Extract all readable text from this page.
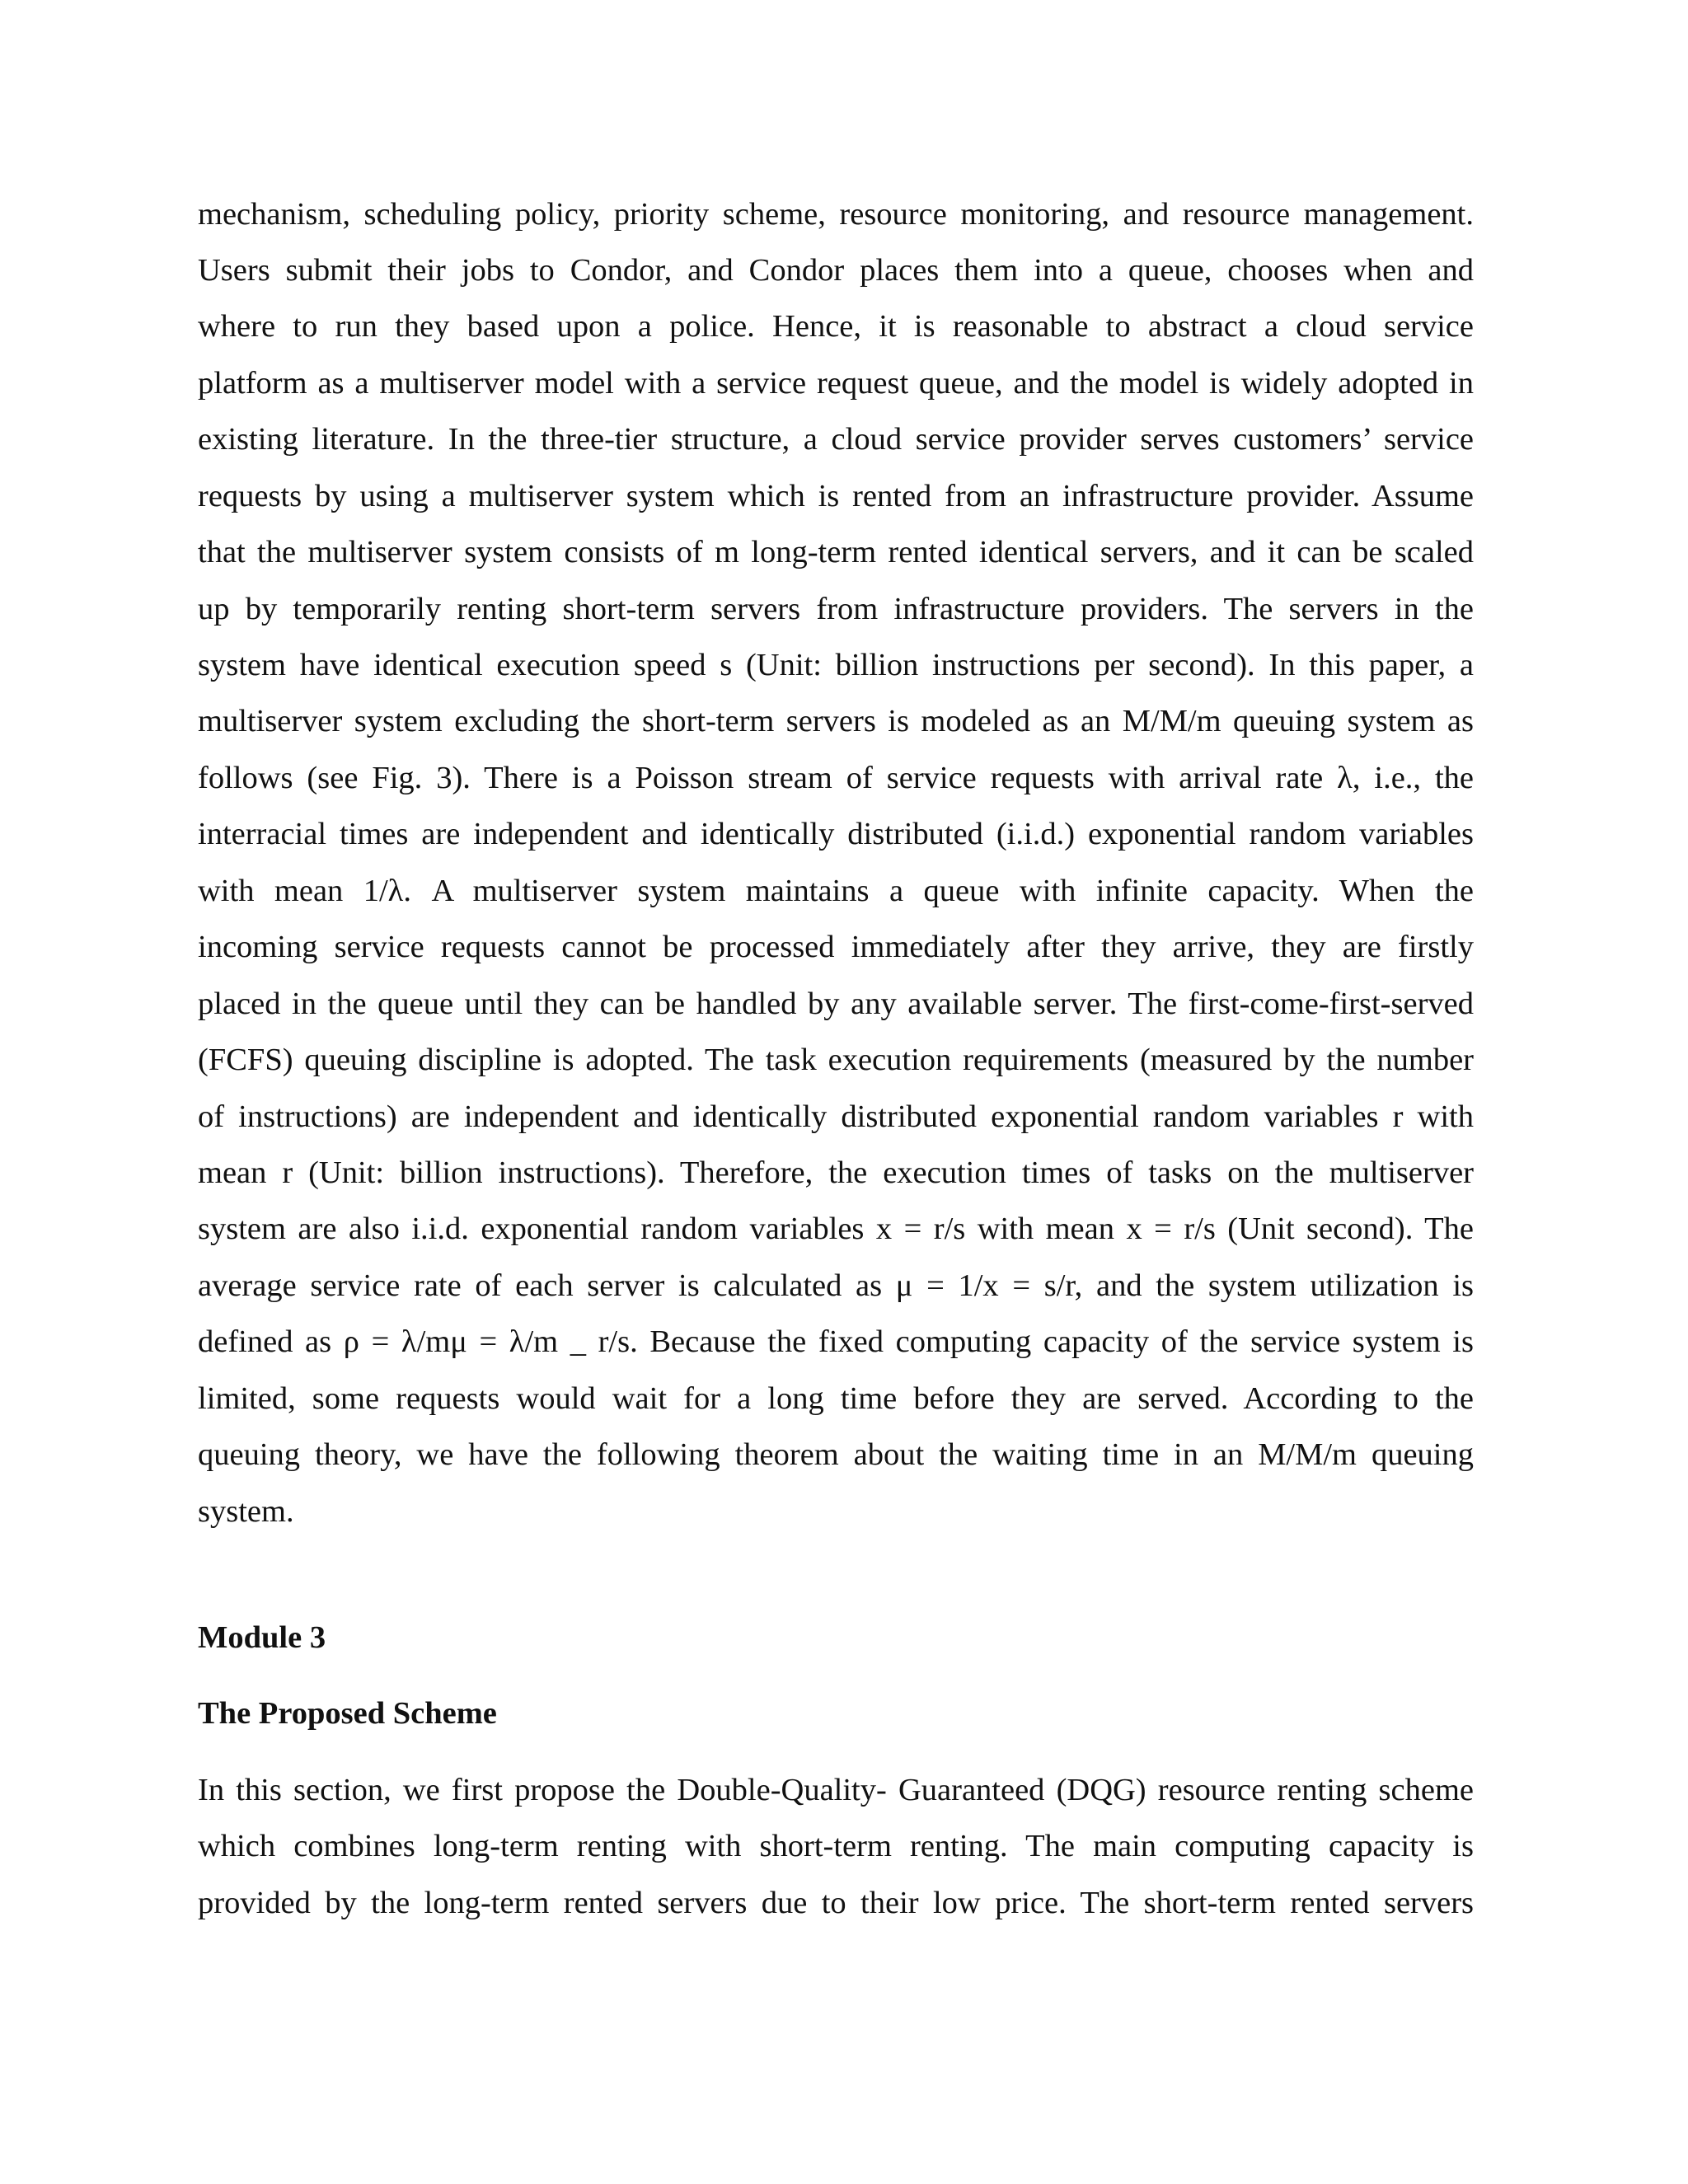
mechanism, scheduling policy, priority scheme, resource monitoring, and resource management.
Users submit their jobs to Condor, and Condor places them into a queue, chooses when and
where to run they based upon a police. Hence, it is reasonable to abstract a cloud service
platform as a multiserver model with a service request queue, and the model is widely adopted in
existing literature. In the three-tier structure, a cloud service provider serves customers’ service
requests by using a multiserver system which is rented from an infrastructure provider. Assume
that the multiserver system consists of m long-term rented identical servers, and it can be scaled
up by temporarily renting short-term servers from infrastructure providers. The servers in the
system have identical execution speed s (Unit: billion instructions per second). In this paper, a
multiserver system excluding the short-term servers is modeled as an M/M/m queuing system as
follows (see Fig. 3). There is a Poisson stream of service requests with arrival rate λ, i.e., the
interracial times are independent and identically distributed (i.i.d.) exponential random variables
with mean 1/λ. A multiserver system maintains a queue with infinite capacity. When the
incoming service requests cannot be processed immediately after they arrive, they are firstly
placed in the queue until they can be handled by any available server. The first-come-first-served
(FCFS) queuing discipline is adopted. The task execution requirements (measured by the number
of instructions) are independent and identically distributed exponential random variables r with
mean r (Unit: billion instructions). Therefore, the execution times of tasks on the multiserver
system are also i.i.d. exponential random variables x = r/s with mean x = r/s (Unit second). The
average service rate of each server is calculated as μ = 1/x = s/r, and the system utilization is
defined as ρ = λ/mμ = λ/m _ r/s. Because the fixed computing capacity of the service system is
limited, some requests would wait for a long time before they are served. According to the
queuing theory, we have the following theorem about the waiting time in an M/M/m queuing
system.
Module 3
The Proposed Scheme
In this section, we first propose the Double-Quality- Guaranteed (DQG) resource renting scheme
which combines long-term renting with short-term renting. The main computing capacity is
provided by the long-term rented servers due to their low price. The short-term rented servers
